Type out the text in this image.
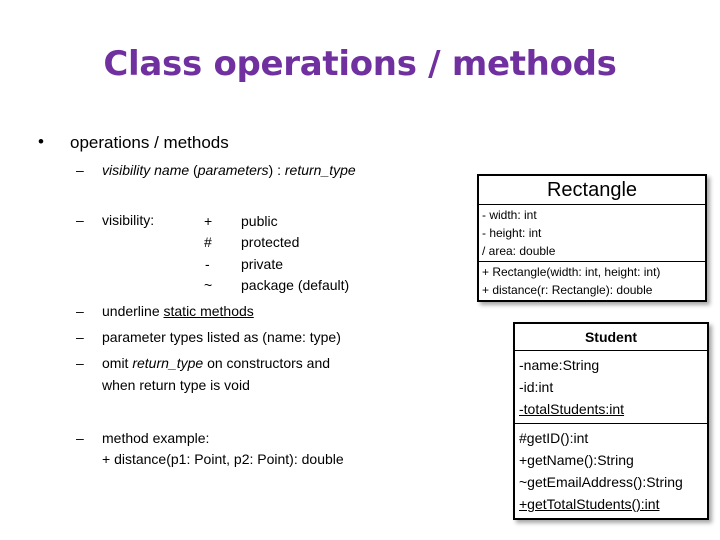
Class operations / methods
• operations / methods
– visibility name (parameters) : return_type
– visibility:	+ public
# protected
- private
~ package (default)
– underline static methods
– parameter types listed as (name: type)
– omit return_type on constructors and
when return type is void
– method example:
+ distance(p1: Point, p2: Point): double
Rectangle
- width: int
- height: int
/ area: double
+ Rectangle(width: int, height: int)
+ distance(r: Rectangle): double
Student
-name:String
-id:int
-totalStudents:int
#getID():int
+getName():String
~getEmailAddress():String
+getTotalStudents():int
